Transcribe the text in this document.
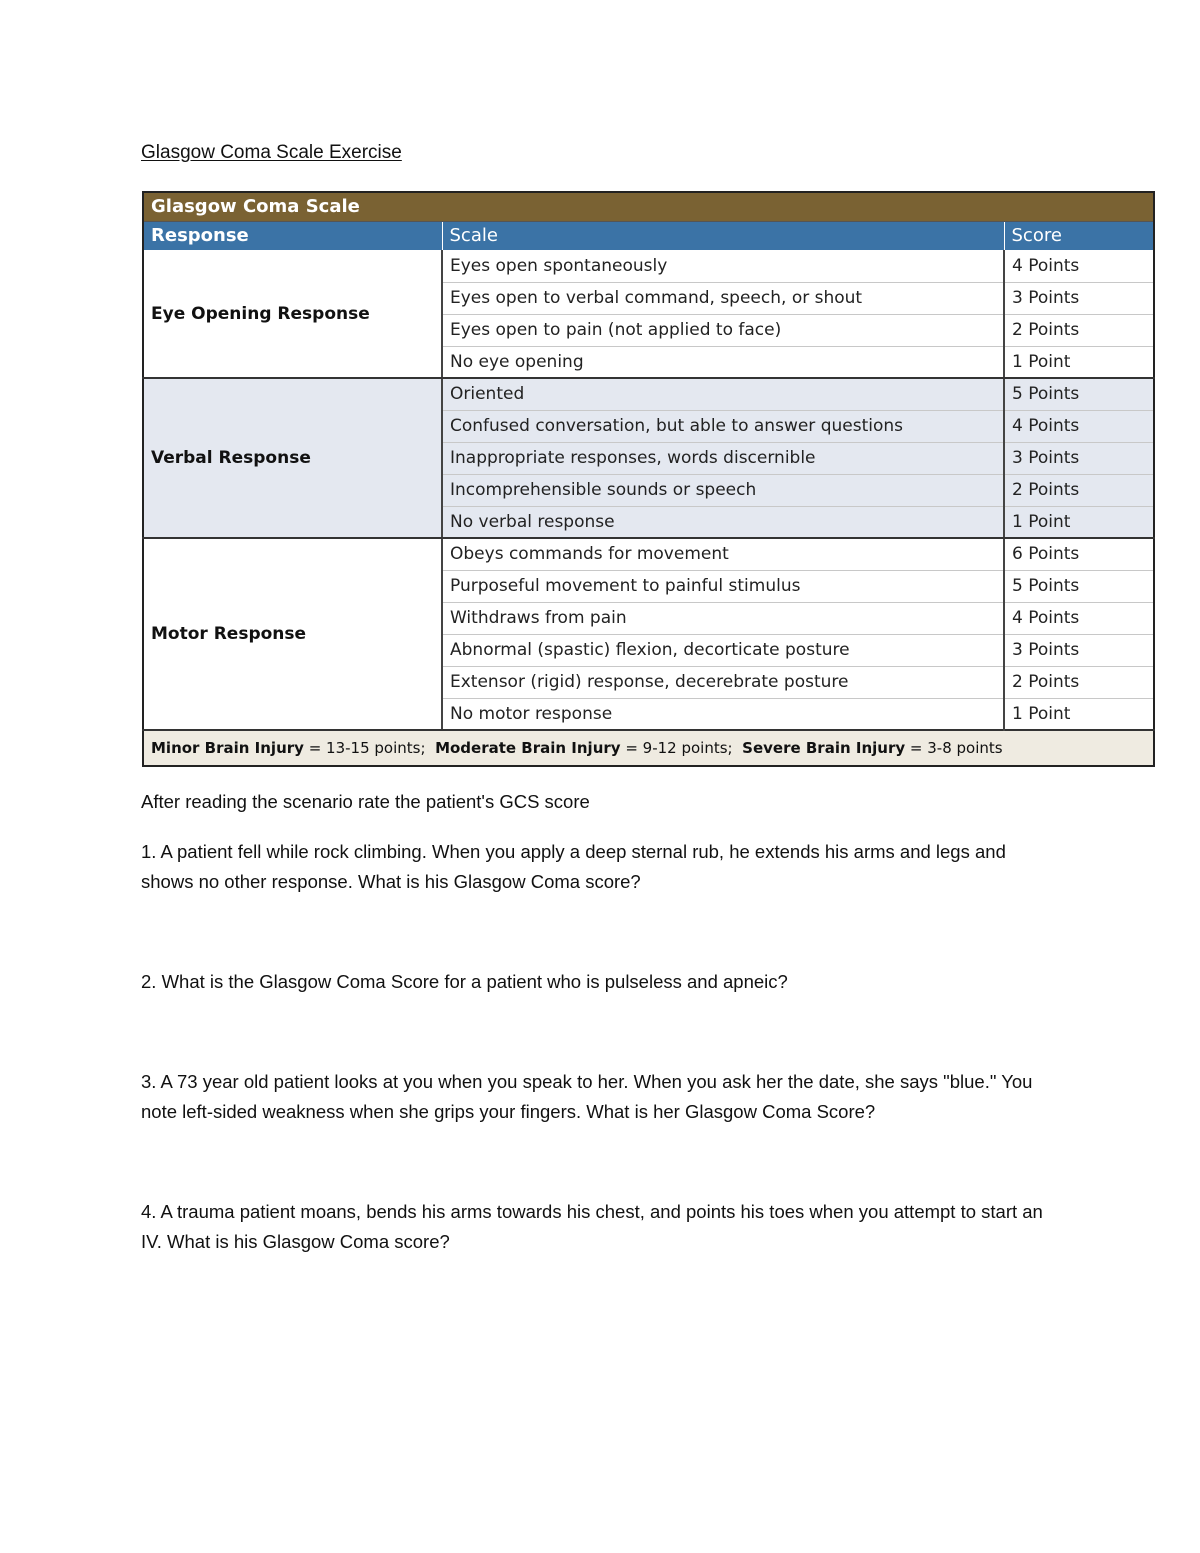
Glasgow Coma Scale Exercise
Glasgow Coma Scale		
Response	Scale	Score
Eye Opening Response	Eyes open spontaneously	4 Points
	Eyes open to verbal command, speech, or shout	3 Points
	Eyes open to pain (not applied to face)	2 Points
	No eye opening	1 Point
Verbal Response	Oriented	5 Points
	Confused conversation, but able to answer questions	4 Points
	Inappropriate responses, words discernible	3 Points
	Incomprehensible sounds or speech	2 Points
	No verbal response	1 Point
Motor Response	Obeys commands for movement	6 Points
	Purposeful movement to painful stimulus	5 Points
	Withdraws from pain	4 Points
	Abnormal (spastic) flexion, decorticate posture	3 Points
	Extensor (rigid) response, decerebrate posture	2 Points
	No motor response	1 Point
Minor Brain Injury = 13-15 points; Moderate Brain Injury = 9-12 points; Severe Brain Injury = 3-8 points		

After reading the scenario rate the patient's GCS score

1. A patient fell while rock climbing. When you apply a deep sternal rub, he extends his arms and legs and shows no other response. What is his Glasgow Coma score?

2. What is the Glasgow Coma Score for a patient who is pulseless and apneic?

3. A 73 year old patient looks at you when you speak to her. When you ask her the date, she says "blue." You note left-sided weakness when she grips your fingers. What is her Glasgow Coma Score?

4. A trauma patient moans, bends his arms towards his chest, and points his toes when you attempt to start an IV. What is his Glasgow Coma score?
